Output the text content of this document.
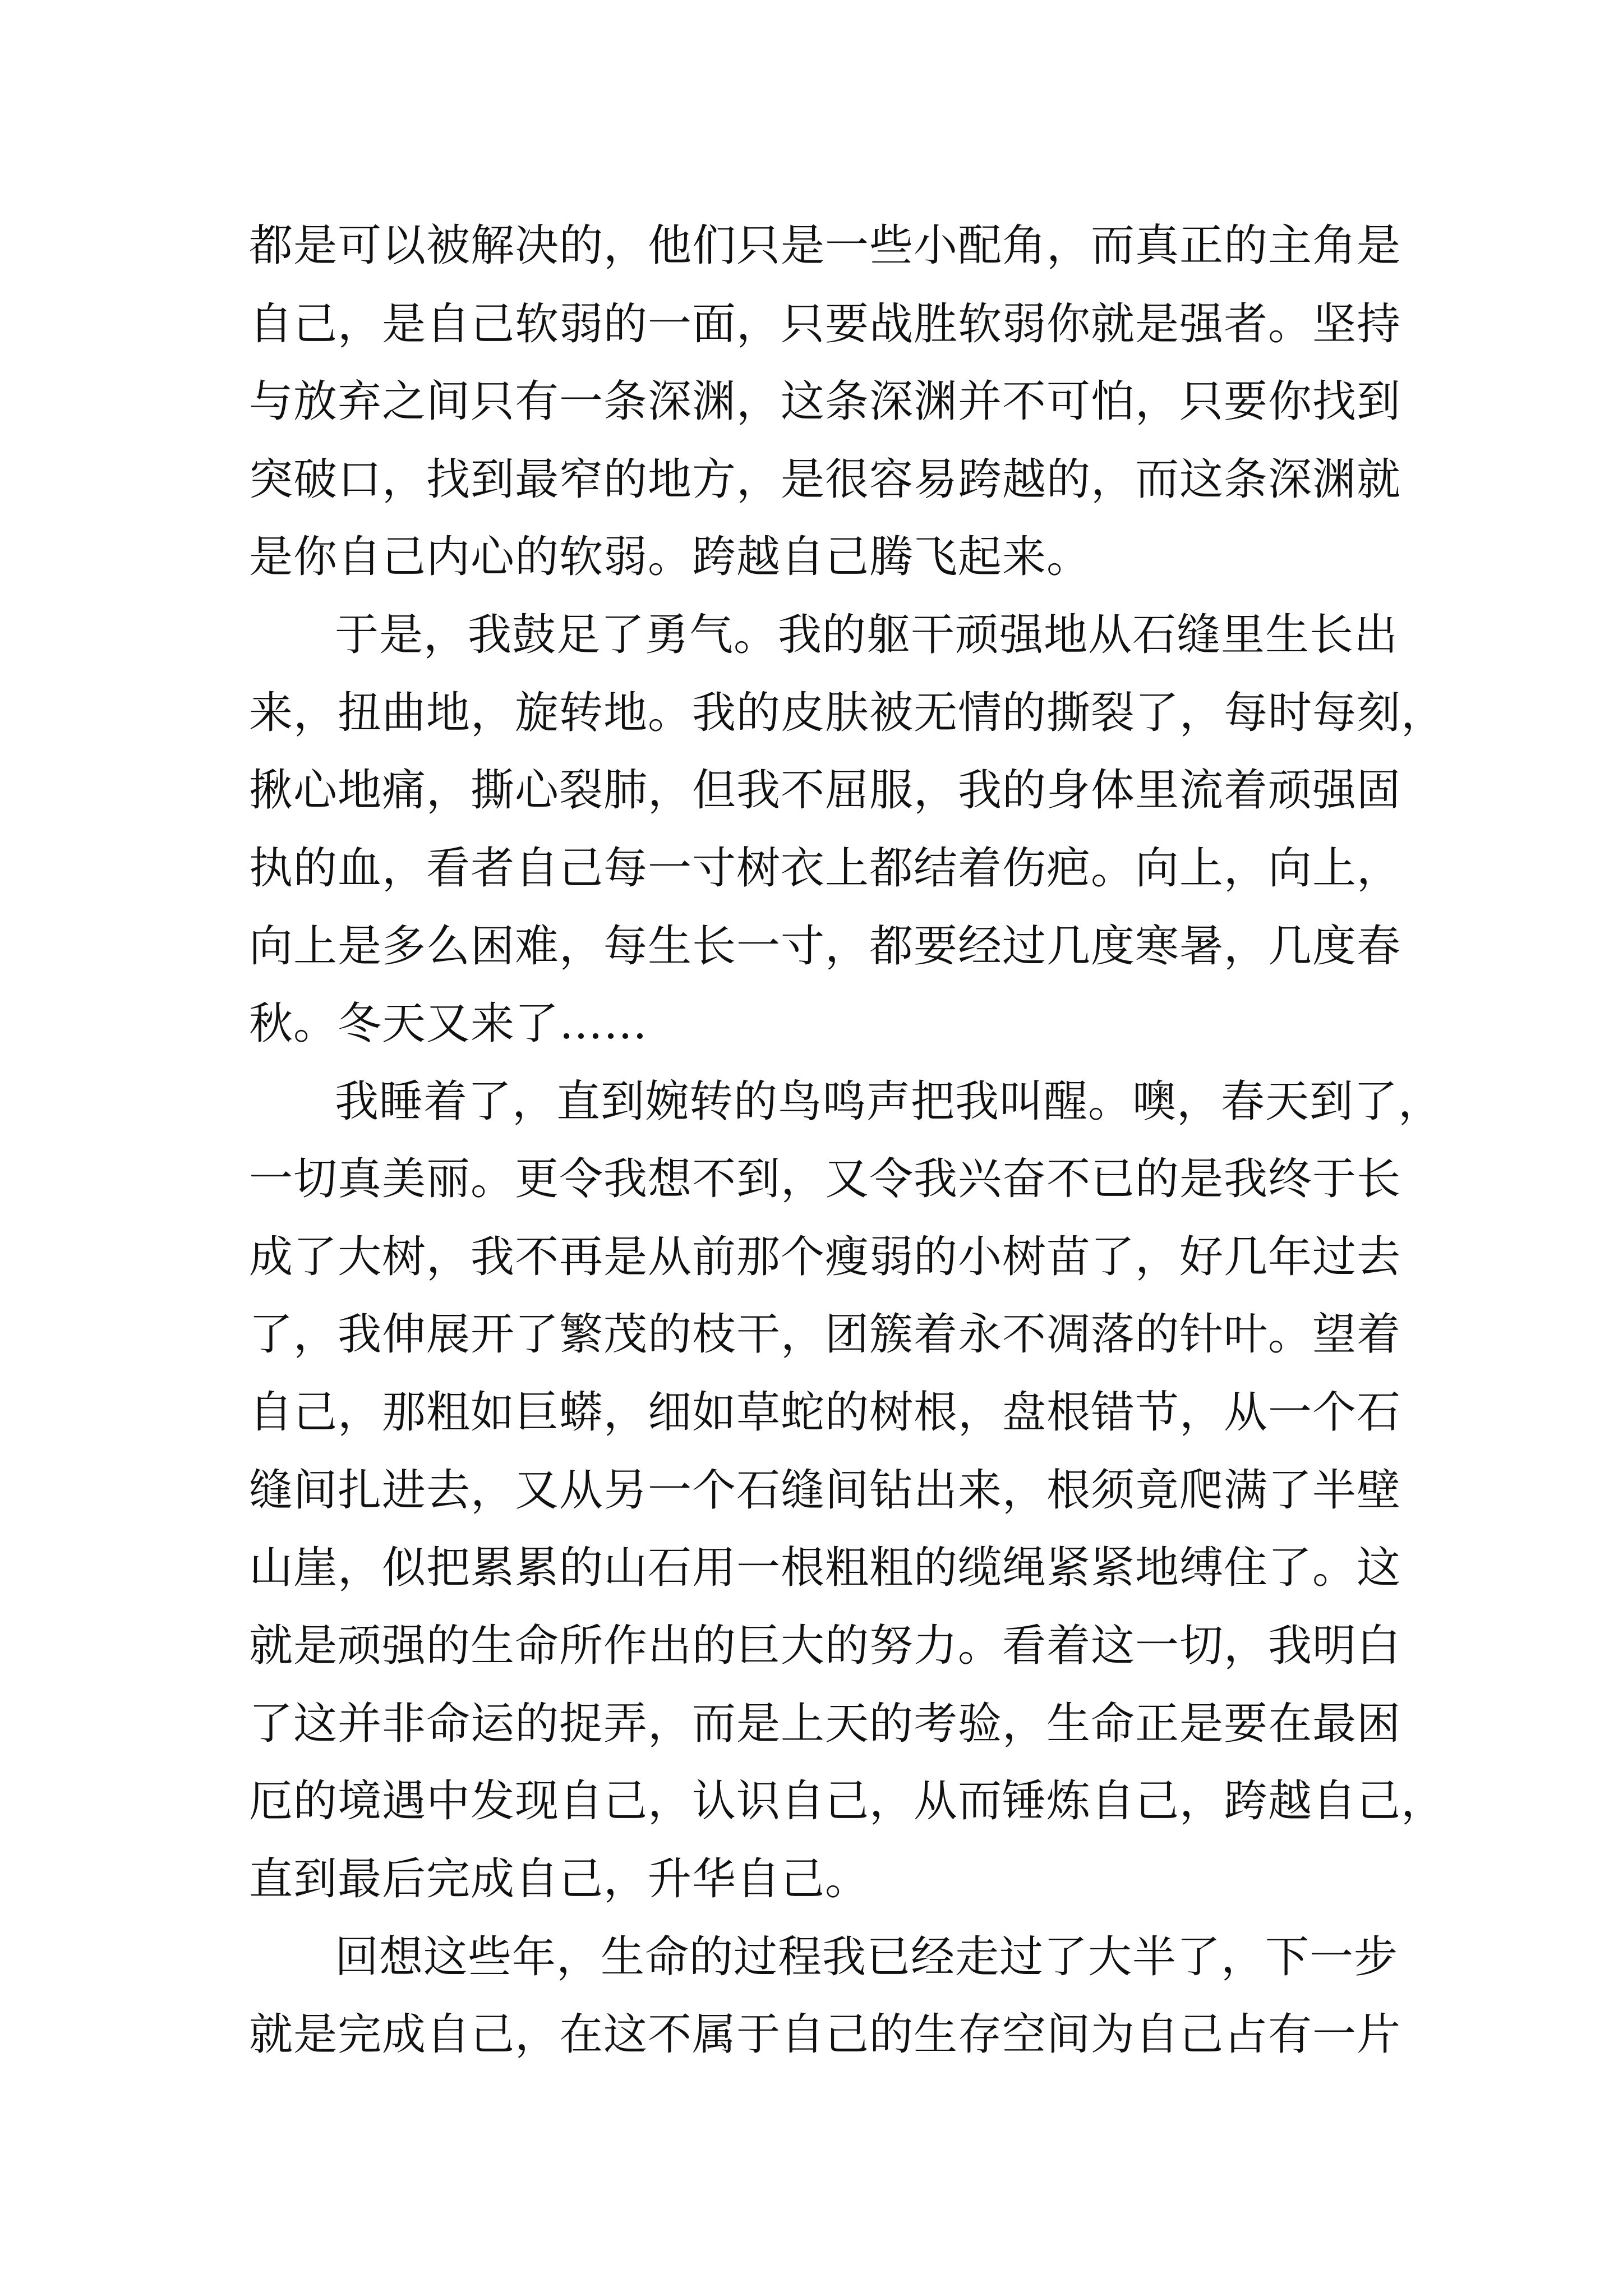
都是可以被解决的，他们只是一些小配角，而真正的主角是
自己，是自己软弱的一面，只要战胜软弱你就是强者。坚持
与放弃之间只有一条深渊，这条深渊并不可怕，只要你找到
突破口，找到最窄的地方，是很容易跨越的，而这条深渊就
是你自己内心的软弱。跨越自己腾飞起来。
于是，我鼓足了勇气。我的躯干顽强地从石缝里生长出
来，扭曲地，旋转地。我的皮肤被无情的撕裂了，每时每刻，
揪心地痛，撕心裂肺，但我不屈服，我的身体里流着顽强固
执的血，看者自己每一寸树衣上都结着伤疤。向上，向上，
向上是多么困难，每生长一寸，都要经过几度寒暑，几度春
秋。冬天又来了……
我睡着了，直到婉转的鸟鸣声把我叫醒。噢，春天到了，
一切真美丽。更令我想不到，又令我兴奋不已的是我终于长
成了大树，我不再是从前那个瘦弱的小树苗了，好几年过去
了，我伸展开了繁茂的枝干，团簇着永不凋落的针叶。望着
自己，那粗如巨蟒，细如草蛇的树根，盘根错节，从一个石
缝间扎进去，又从另一个石缝间钻出来，根须竟爬满了半壁
山崖，似把累累的山石用一根粗粗的缆绳紧紧地缚住了。这
就是顽强的生命所作出的巨大的努力。看着这一切，我明白
了这并非命运的捉弄，而是上天的考验，生命正是要在最困
厄的境遇中发现自己，认识自己，从而锤炼自己，跨越自己，
直到最后完成自己，升华自己。
回想这些年，生命的过程我已经走过了大半了，下一步
就是完成自己，在这不属于自己的生存空间为自己占有一片
